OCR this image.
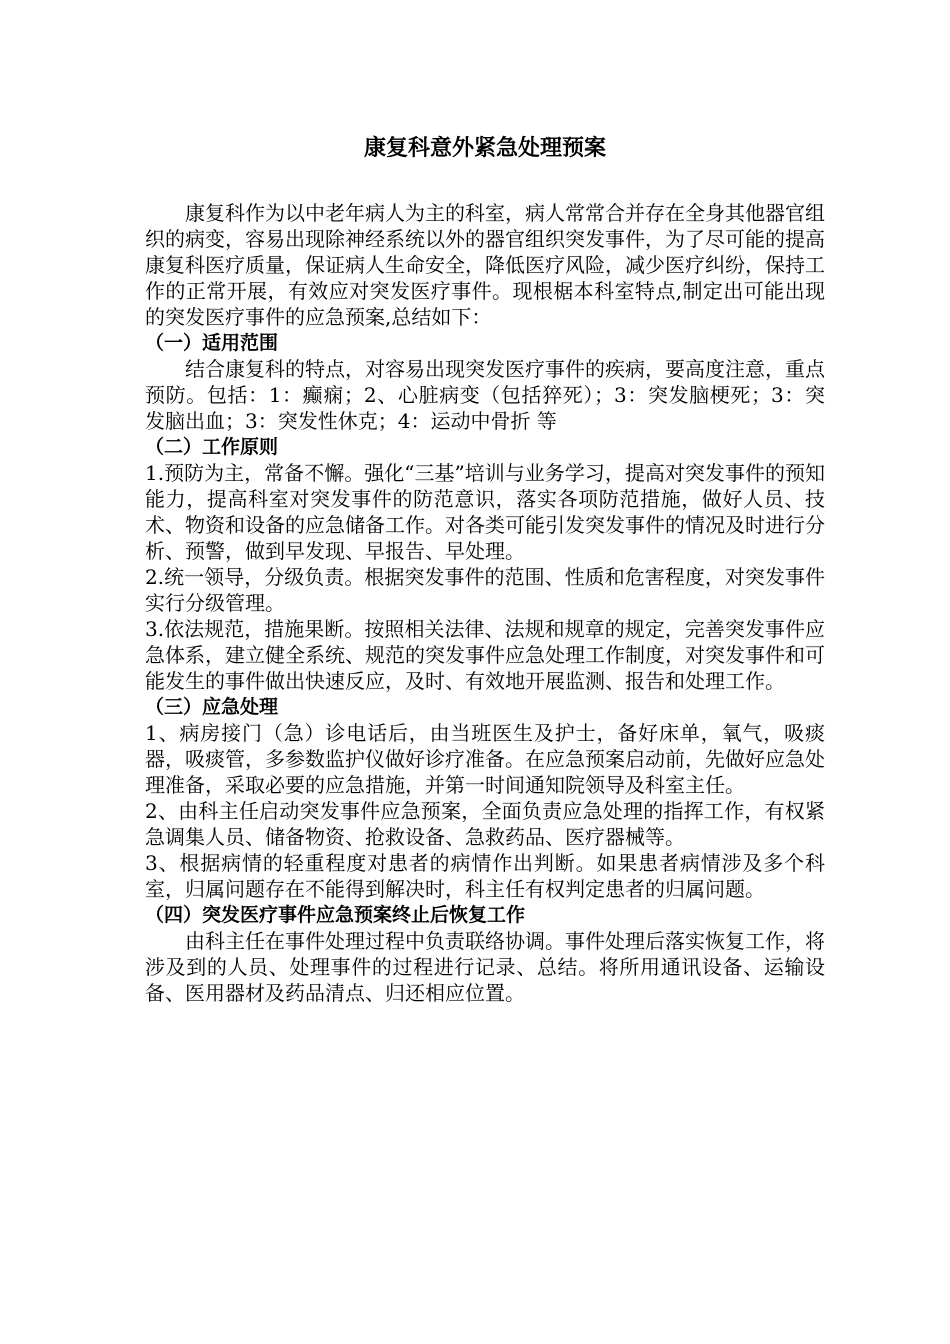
康复科意外紧急处理预案

康复科作为以中老年病人为主的科室，病人常常合并存在全身其他器官组织的病变，容易出现除神经系统以外的器官组织突发事件，为了尽可能的提高康复科医疗质量，保证病人生命安全，降低医疗风险，减少医疗纠纷，保持工作的正常开展，有效应对突发医疗事件。现根椐本科室特点,制定出可能出现的突发医疗事件的应急预案,总结如下：

（一）适用范围

结合康复科的特点，对容易出现突发医疗事件的疾病，要高度注意，重点预防。包括：1：癫痫；2、心脏病变（包括猝死）；3：突发脑梗死；3：突发脑出血；3：突发性休克；4：运动中骨折 等

（二）工作原则

1.预防为主，常备不懈。强化“三基”培训与业务学习，提高对突发事件的预知能力，提高科室对突发事件的防范意识，落实各项防范措施，做好人员、技术、物资和设备的应急储备工作。对各类可能引发突发事件的情况及时进行分析、预警，做到早发现、早报告、早处理。

2.统一领导，分级负责。根据突发事件的范围、性质和危害程度，对突发事件实行分级管理。

3.依法规范，措施果断。按照相关法律、法规和规章的规定，完善突发事件应急体系，建立健全系统、规范的突发事件应急处理工作制度，对突发事件和可能发生的事件做出快速反应，及时、有效地开展监测、报告和处理工作。

（三）应急处理

1、病房接门（急）诊电话后，由当班医生及护士，备好床单，氧气，吸痰器，吸痰管，多参数监护仪做好诊疗准备。在应急预案启动前，先做好应急处理准备，采取必要的应急措施，并第一时间通知院领导及科室主任。

2、由科主任启动突发事件应急预案，全面负责应急处理的指挥工作，有权紧急调集人员、储备物资、抢救设备、急救药品、医疗器械等。

3、根据病情的轻重程度对患者的病情作出判断。如果患者病情涉及多个科室，归属问题存在不能得到解决时，科主任有权判定患者的归属问题。

（四）突发医疗事件应急预案终止后恢复工作

由科主任在事件处理过程中负责联络协调。事件处理后落实恢复工作，将涉及到的人员、处理事件的过程进行记录、总结。将所用通讯设备、运输设备、医用器材及药品清点、归还相应位置。
